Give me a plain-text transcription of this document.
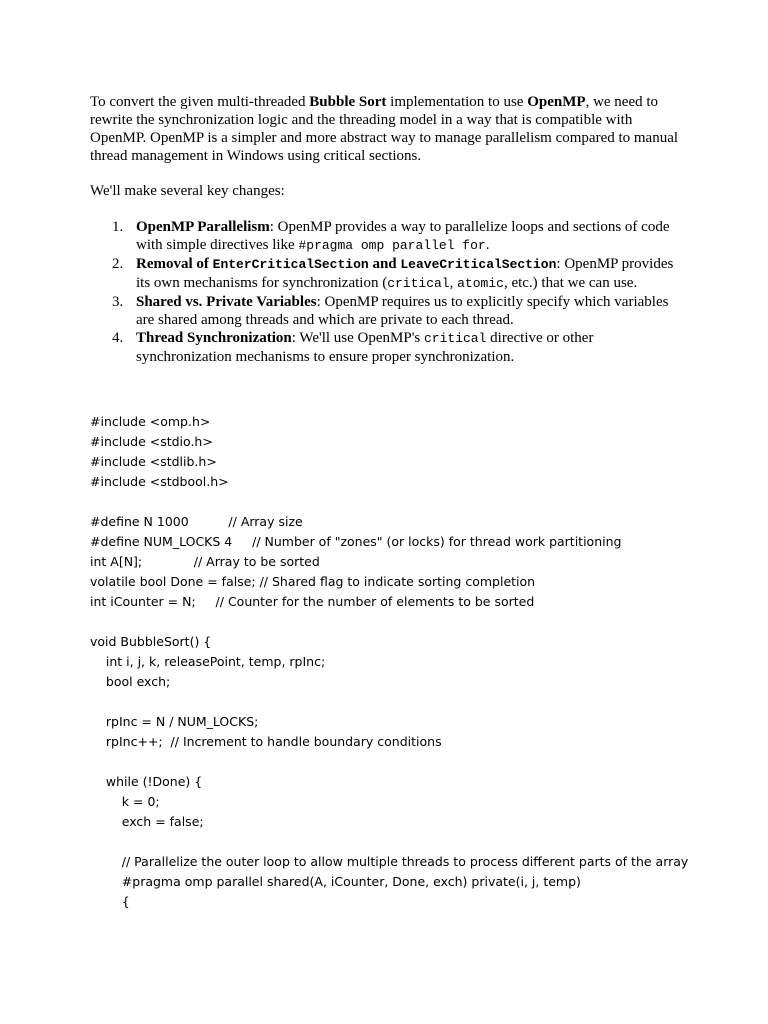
To convert the given multi-threaded Bubble Sort implementation to use OpenMP, we need to rewrite the synchronization logic and the threading model in a way that is compatible with OpenMP. OpenMP is a simpler and more abstract way to manage parallelism compared to manual thread management in Windows using critical sections.

We'll make several key changes:

1. OpenMP Parallelism: OpenMP provides a way to parallelize loops and sections of code with simple directives like #pragma omp parallel for.
2. Removal of EnterCriticalSection and LeaveCriticalSection: OpenMP provides its own mechanisms for synchronization (critical, atomic, etc.) that we can use.
3. Shared vs. Private Variables: OpenMP requires us to explicitly specify which variables are shared among threads and which are private to each thread.
4. Thread Synchronization: We'll use OpenMP's critical directive or other synchronization mechanisms to ensure proper synchronization.
#include <omp.h>
#include <stdio.h>
#include <stdlib.h>
#include <stdbool.h>
#define N 1000          // Array size
#define NUM_LOCKS 4     // Number of "zones" (or locks) for thread work partitioning
int A[N];             // Array to be sorted
volatile bool Done = false; // Shared flag to indicate sorting completion
int iCounter = N;     // Counter for the number of elements to be sorted
void BubbleSort() {
int i, j, k, releasePoint, temp, rpInc;
bool exch;
rpInc = N / NUM_LOCKS;
rpInc++;  // Increment to handle boundary conditions
while (!Done) {
k = 0;
exch = false;
// Parallelize the outer loop to allow multiple threads to process different parts of the array
#pragma omp parallel shared(A, iCounter, Done, exch) private(i, j, temp)
{
